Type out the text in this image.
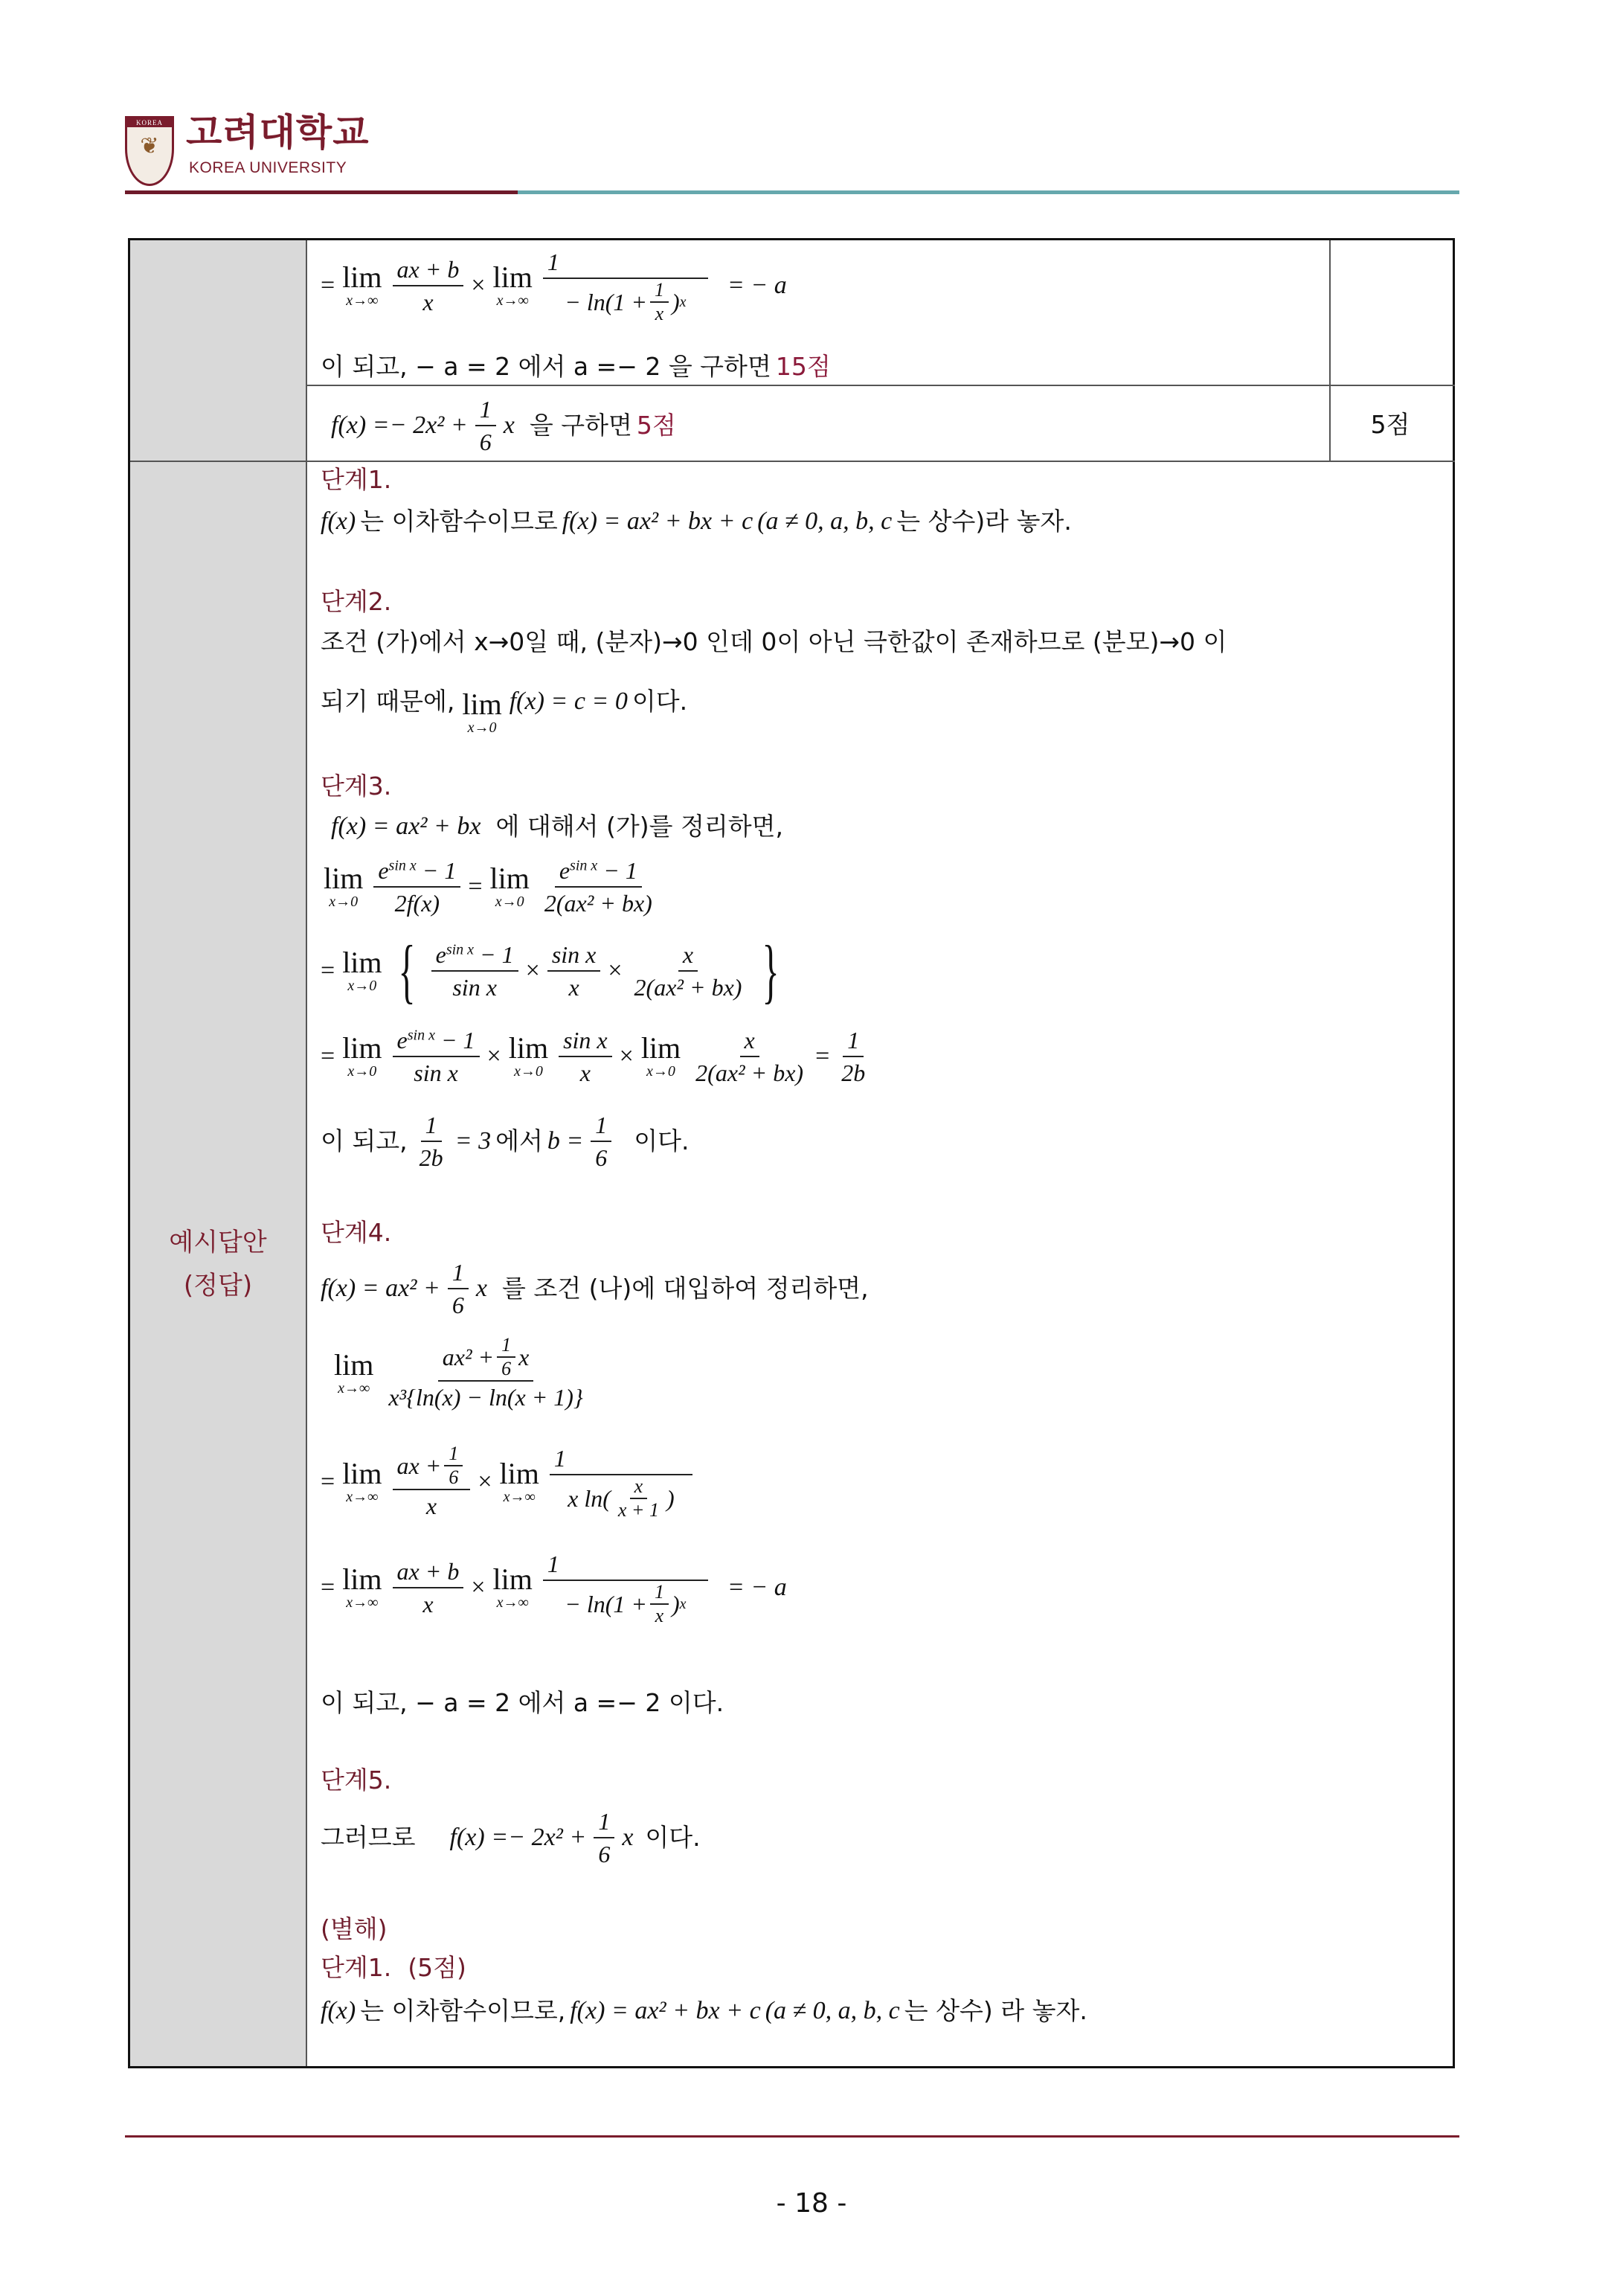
KOREA
❦ 고려대학교
KOREA UNIVERSITY
= lim
$x\to\infty \frac{ax + b}{x} \times \lim$
$x\to\infty \frac{1}{- \ln(1 + \frac{1}{x} ) x}$ = − a
이 되고, − a = 2 에서 a =− 2 을 구하면 15점
$f(x) =- 2x^2 + \frac{1}{6}$ x 을 구하면 5점	5점
예시답안
(정답)
단계1.
f(x) 는 이차함수이므로 f(x) = ax² + bx + c (a ≠ 0, a, b, c 는 상수)라 놓자.
단계2.
조건 (가)에서 x→0일 때, (분자)→0 인데 0이 아닌 극한값이 존재하므로 (분모)→0 이
되기 때문에, lim
x→0
f(x) = c = 0 이다.
단계3.
f(x) = ax² + bx 에 대해서 (가)를 정리하면,
lim
$x\to 0 \frac{e^{sin x} - 1}{2f(x)} = \lim$
$x\to 0 \frac{e^{sin x} - 1}{\text{2(ax² + bx)}}$
= lim
x→0 { $\frac{e^{sin x} - 1}{\text{sin x}} \times \frac{\text{sin x}}{x} \times \frac{x}{\text{2(ax² + bx)}}$ }
= lim
$x\to 0 \frac{e^{sin x} - 1}{\text{sin x}} \times \lim$
$x\to 0 \frac{\text{sin x}}{x} \times \lim$
$x\to 0 \frac{x}{\text{2(ax² + bx)}} = \frac{1}{2b}$
이 되고, $\frac{1}{2b} = 3$ 에서 $b = \frac{1}{6}$ 이다.
단계4.
$f(x) = ax^2 + \frac{1}{6}$ x 를 조건 (나)에 대입하여 정리하면,
lim
$x\to\infty \frac{ax^2 + \frac{1}{6} x}{\text{x³\{ln(x) − ln(x + 1)\}}}$
= lim
$x\to\infty \frac{ax + \frac{1}{6}}{x} \times \lim$
$x\to\infty \frac{1}{x \ln( \frac{x}{x + 1} )}$
= lim
$x\to\infty \frac{ax + b}{x} \times \lim$
$x\to\infty \frac{1}{- \ln(1 + \frac{1}{x} ) x}$ = − a
이 되고, − a = 2 에서 a =− 2 이다.
단계5.
그러므로 $f(x) =- 2x^2 + \frac{1}{6}$ x 이다.
(별해)
단계1. (5점)
f(x) 는 이차함수이므로, f(x) = ax² + bx + c (a ≠ 0, a, b, c 는 상수) 라 놓자.
- 18 -
